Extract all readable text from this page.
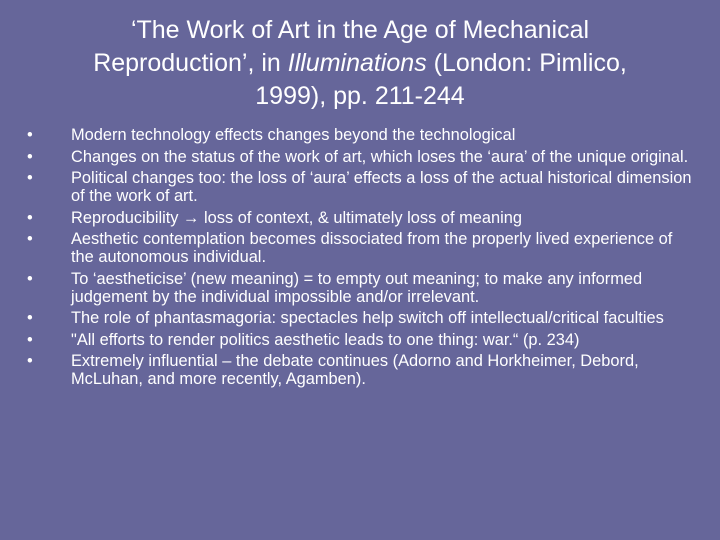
‘The Work of Art in the Age of Mechanical
Reproduction’, in Illuminations (London: Pimlico,
1999), pp. 211-244
• Modern technology effects changes beyond the technological
• Changes on the status of the work of art, which loses the ‘aura’ of the unique original.
• Political changes too: the loss of ‘aura’ effects a loss of the actual historical dimension of the work of art.
• Reproducibility → loss of context, & ultimately loss of meaning
• Aesthetic contemplation becomes dissociated from the properly lived experience of the autonomous individual.
• To ‘aestheticise’ (new meaning) = to empty out meaning; to make any informed judgement by the individual impossible and/or irrelevant.
• The role of phantasmagoria: spectacles help switch off intellectual/critical faculties
• "All efforts to render politics aesthetic leads to one thing: war.“ (p. 234)
• Extremely influential – the debate continues (Adorno and Horkheimer, Debord, McLuhan, and more recently, Agamben).
